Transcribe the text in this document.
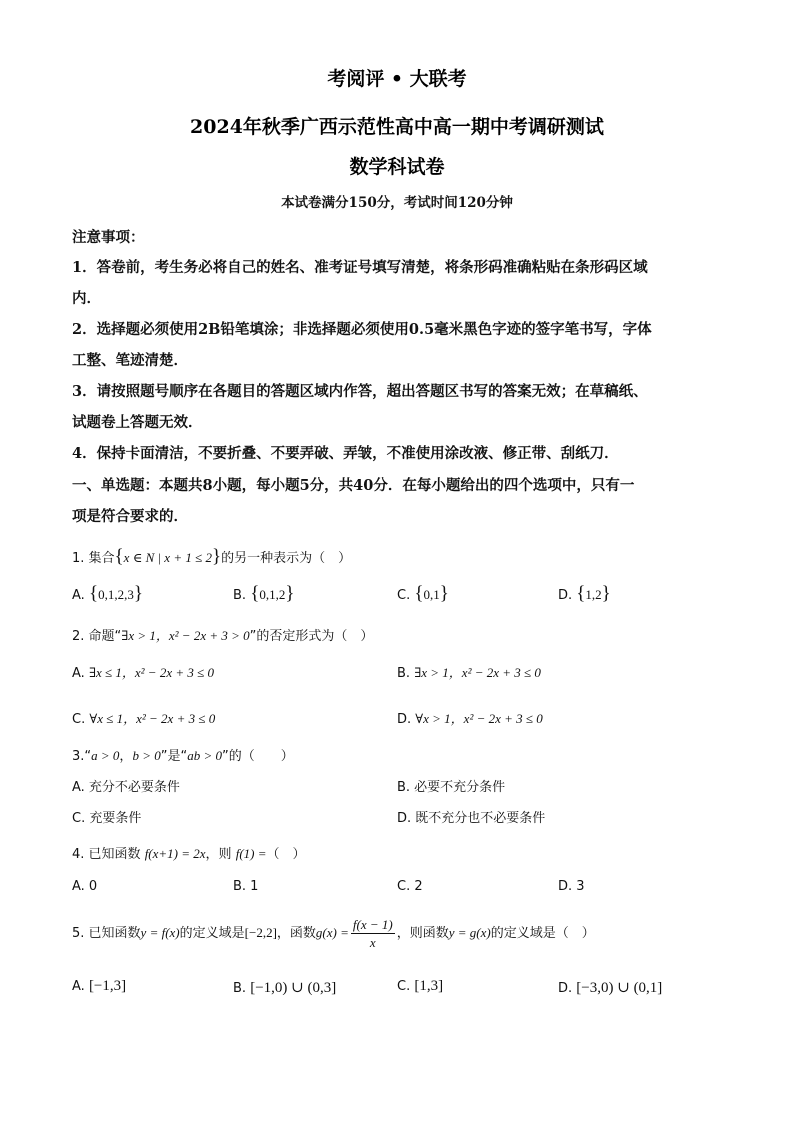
考阅评 • 大联考
2024年秋季广西示范性高中高一期中考调研测试
数学科试卷
本试卷满分150分，考试时间120分钟
注意事项：
1．答卷前，考生务必将自己的姓名、准考证号填写清楚，将条形码准确粘贴在条形码区域
内．
2．选择题必须使用2B铅笔填涂；非选择题必须使用0.5毫米黑色字迹的签字笔书写，字体
工整、笔迹清楚．
3．请按照题号顺序在各题目的答题区域内作答，超出答题区书写的答案无效；在草稿纸、
试题卷上答题无效．
4．保持卡面清洁，不要折叠、不要弄破、弄皱，不准使用涂改液、修正带、刮纸刀．
一、单选题：本题共8小题，每小题5分，共40分．在每小题给出的四个选项中，只有一
项是符合要求的．
1. 集合{x ∈ N | x + 1 ≤ 2}的另一种表示为（　）
A. {0,1,2,3}	B. {0,1,2}	C. {0,1}	D. {1,2}
2. 命题“∃x > 1，x² − 2x + 3 > 0”的否定形式为（　）
A. ∃x ≤ 1，x² − 2x + 3 ≤ 0	B. ∃x > 1，x² − 2x + 3 ≤ 0
C. ∀x ≤ 1，x² − 2x + 3 ≤ 0	D. ∀x > 1，x² − 2x + 3 ≤ 0
3.“a > 0，b > 0”是“ab > 0”的（　　）
A. 充分不必要条件	B. 必要不充分条件
C. 充要条件	D. 既不充分也不必要条件
4. 已知函数 f(x+1) = 2x，则 f(1) =（　）
A. 0	B. 1	C. 2	D. 3
5. 已知函数y = f(x)的定义域是[−2,2]，函数$g(x) = \frac{f(x - 1)}{x}$ ，则函数y = g(x)的定义域是（　）
A. [−1,3]	B. [−1,0) ∪ (0,3]	C. [1,3]	D. [−3,0) ∪ (0,1]
